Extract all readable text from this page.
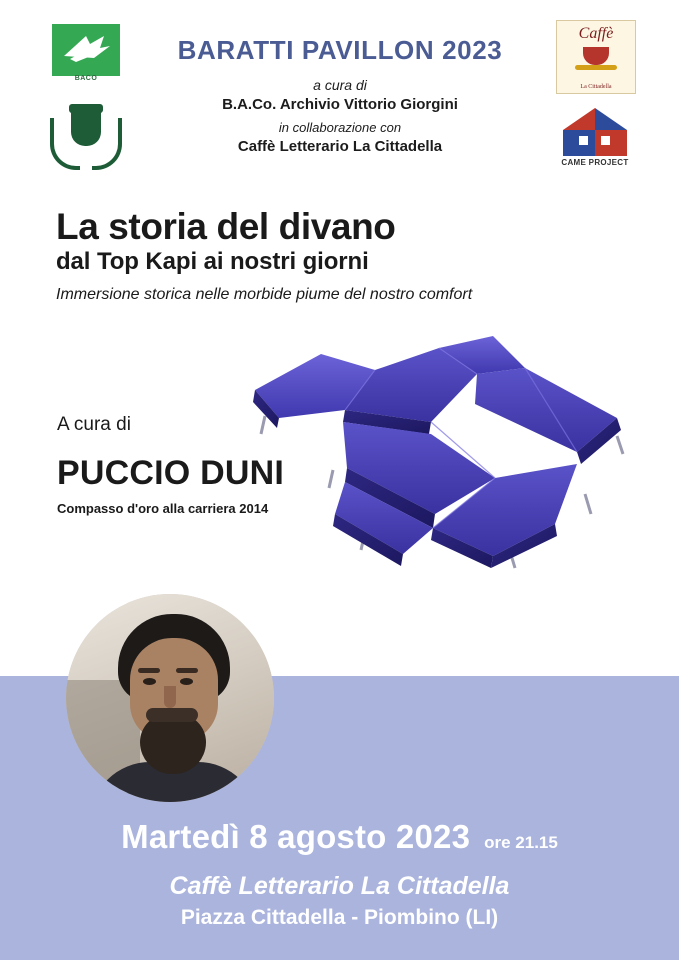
BACO
Caffè
La Cittadella
CAME PROJECT
BARATTI PAVILLON 2023
a cura di
B.A.Co. Archivio Vittorio Giorgini
in collaborazione con
Caffè Letterario La Cittadella
La storia del divano
dal Top Kapi ai nostri giorni
Immersione storica nelle morbide piume del nostro comfort
A cura di
PUCCIO DUNI
Compasso d'oro alla carriera 2014
Martedì 8 agosto 2023 ore 21.15
Caffè Letterario La Cittadella
Piazza Cittadella - Piombino (LI)
